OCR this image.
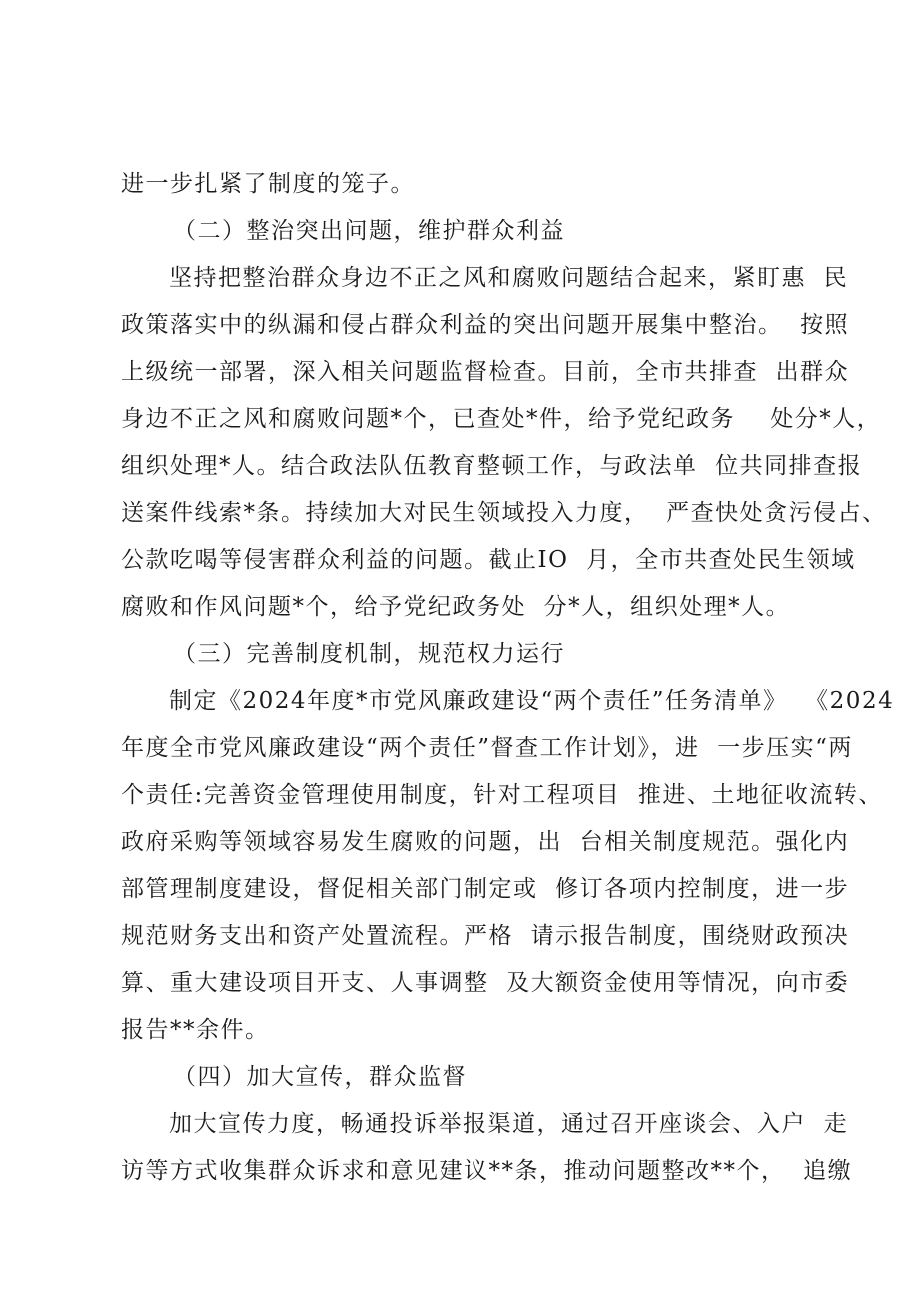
进一步扎紧了制度的笼子。
（二）整治突出问题，维护群众利益
坚持把整治群众身边不正之风和腐败问题结合起来，紧盯惠  民
政策落实中的纵漏和侵占群众利益的突出问题开展集中整治。  按照
上级统一部署，深入相关问题监督检查。目前，全市共排查  出群众
身边不正之风和腐败问题*个，已查处*件，给予党纪政务    处分*人，
组织处理*人。结合政法队伍教育整顿工作，与政法单  位共同排查报
送案件线索*条。持续加大对民生领域投入力度，  严查快处贪污侵占、
公款吃喝等侵害群众利益的问题。截止IO  月，全市共查处民生领域
腐败和作风问题*个，给予党纪政务处  分*人，组织处理*人。
（三）完善制度机制，规范权力运行
制定《2024年度*市党风廉政建设“两个责任”任务清单》  《2024
年度全市党风廉政建设“两个责任”督查工作计划》，进  一步压实“两
个责任:完善资金管理使用制度，针对工程项目  推进、土地征收流转、
政府采购等领域容易发生腐败的问题，出  台相关制度规范。强化内
部管理制度建设，督促相关部门制定或  修订各项内控制度，进一步
规范财务支出和资产处置流程。严格  请示报告制度，围绕财政预决
算、重大建设项目开支、人事调整  及大额资金使用等情况，向市委
报告**余件。
（四）加大宣传，群众监督
加大宣传力度，畅通投诉举报渠道，通过召开座谈会、入户  走
访等方式收集群众诉求和意见建议**条，推动问题整改**个，  追缴
